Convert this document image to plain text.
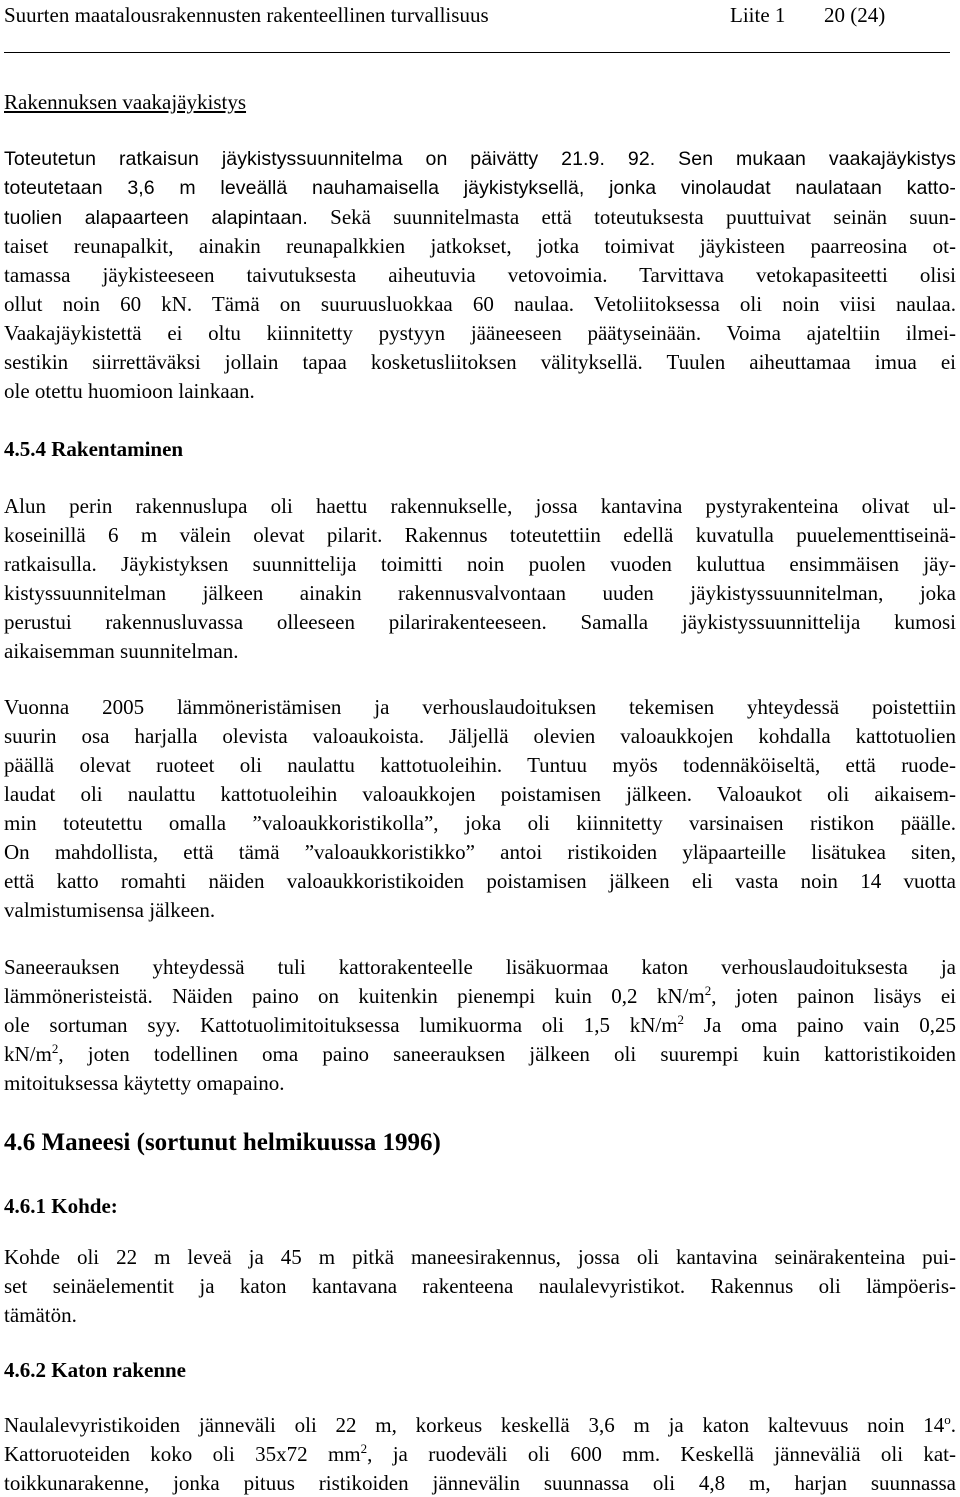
Suurten maatalousrakennusten rakenteellinen turvallisuus	Liite 1 20 (24)
Rakennuksen vaakajäykistys
Toteutetun ratkaisun jäykistyssuunnitelma on päivätty 21.9. 92. Sen mukaan vaakajäykistys
toteutetaan 3,6 m leveällä nauhamaisella jäykistyksellä, jonka vinolaudat naulataan katto-
tuolien alapaarteen alapintaan. Sekä suunnitelmasta että toteutuksesta puuttuivat seinän suun-
taiset reunapalkit, ainakin reunapalkkien jatkokset, jotka toimivat jäykisteen paarreosina ot-
tamassa jäykisteeseen taivutuksesta aiheutuvia vetovoimia. Tarvittava vetokapasiteetti olisi
ollut noin 60 kN. Tämä on suuruusluokkaa 60 naulaa. Vetoliitoksessa oli noin viisi naulaa.
Vaakajäykistettä ei oltu kiinnitetty pystyyn jääneeseen päätyseinään. Voima ajateltiin ilmei-
sestikin siirrettäväksi jollain tapaa kosketusliitoksen välityksellä. Tuulen aiheuttamaa imua ei
ole otettu huomioon lainkaan.
4.5.4 Rakentaminen
Alun perin rakennuslupa oli haettu rakennukselle, jossa kantavina pystyrakenteina olivat ul-
koseinillä 6 m välein olevat pilarit. Rakennus toteutettiin edellä kuvatulla puuelementtiseinä-
ratkaisulla. Jäykistyksen suunnittelija toimitti noin puolen vuoden kuluttua ensimmäisen jäy-
kistyssuunnitelman jälkeen ainakin rakennusvalvontaan uuden jäykistyssuunnitelman, joka
perustui rakennusluvassa olleeseen pilarirakenteeseen. Samalla jäykistyssuunnittelija kumosi
aikaisemman suunnitelman.
Vuonna 2005 lämmöneristämisen ja verhouslaudoituksen tekemisen yhteydessä poistettiin
suurin osa harjalla olevista valoaukoista. Jäljellä olevien valoaukkojen kohdalla kattotuolien
päällä olevat ruoteet oli naulattu kattotuoleihin. Tuntuu myös todennäköiseltä, että ruode-
laudat oli naulattu kattotuoleihin valoaukkojen poistamisen jälkeen. Valoaukot oli aikaisem-
min toteutettu omalla ”valoaukkoristikolla”, joka oli kiinnitetty varsinaisen ristikon päälle.
On mahdollista, että tämä ”valoaukkoristikko” antoi ristikoiden yläpaarteille lisätukea siten,
että katto romahti näiden valoaukkoristikoiden poistamisen jälkeen eli vasta noin 14 vuotta
valmistumisensa jälkeen.
Saneerauksen yhteydessä tuli kattorakenteelle lisäkuormaa katon verhouslaudoituksesta ja
lämmöneristeistä. Näiden paino on kuitenkin pienempi kuin 0,2 $kN/m^2$, joten painon lisäys ei
ole sortuman syy. Kattotuolimitoituksessa lumikuorma oli 1,5 $kN/m^2$ Ja oma paino vain 0,25
$kN/m^2$, joten todellinen oma paino saneerauksen jälkeen oli suurempi kuin kattoristikoiden
mitoituksessa käytetty omapaino.
4.6 Maneesi (sortunut helmikuussa 1996)
4.6.1 Kohde:
Kohde oli 22 m leveä ja 45 m pitkä maneesirakennus, jossa oli kantavina seinärakenteina pui-
set seinäelementit ja katon kantavana rakenteena naulalevyristikot. Rakennus oli lämpöeris-
tämätön.
4.6.2 Katon rakenne
Naulalevyristikoiden jänneväli oli 22 m, korkeus keskellä 3,6 m ja katon kaltevuus noin 14$^o$.
Kattoruoteiden koko oli 35x72 $mm^2$, ja ruodeväli oli 600 mm. Keskellä jänneväliä oli kat-
toikkunarakenne, jonka pituus ristikoiden jännevälin suunnassa oli 4,8 m, harjan suunnassa
